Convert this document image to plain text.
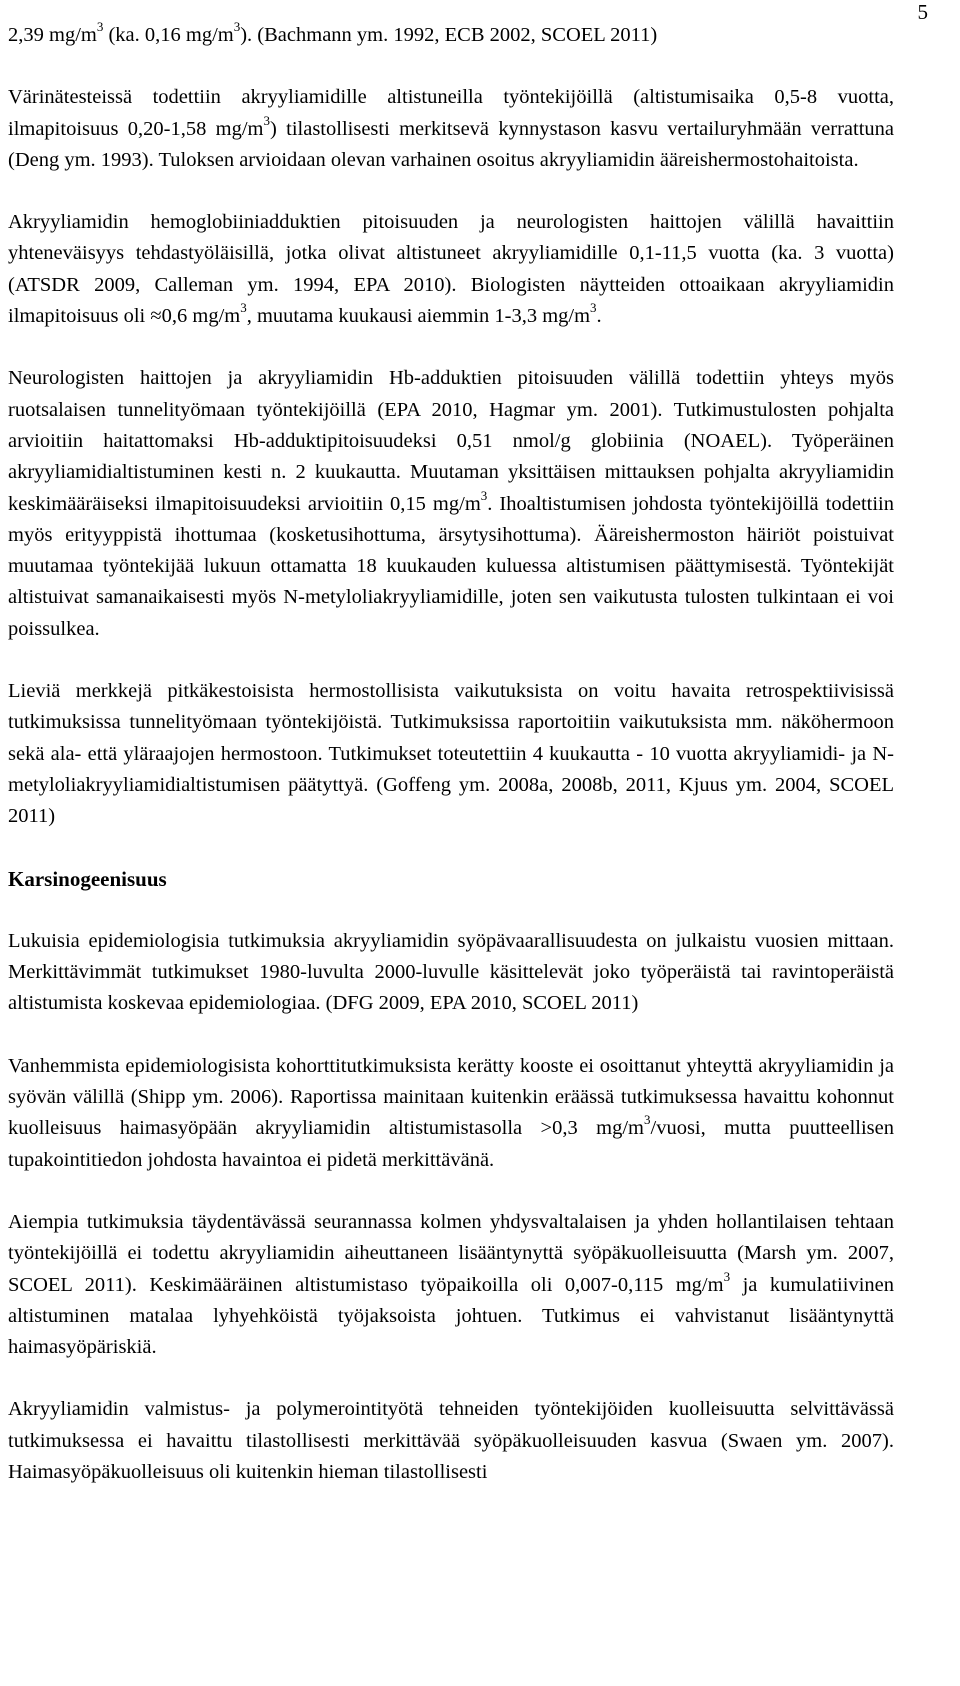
5

2,39 $mg/m^3$ (ka. 0,16 $mg/m^3$). (Bachmann ym. 1992, ECB 2002, SCOEL 2011)

Värinätesteissä todettiin akryyliamidille altistuneilla työntekijöillä (altistumisaika 0,5-8 vuotta, ilmapitoisuus 0,20-1,58 $mg/m^3$) tilastollisesti merkitsevä kynnystason kasvu vertailuryhmään verrattuna (Deng ym. 1993). Tuloksen arvioidaan olevan varhainen osoitus akryyliamidin ääreishermostohaitoista.

Akryyliamidin hemoglobiiniadduktien pitoisuuden ja neurologisten haittojen välillä havaittiin yhteneväisyys tehdastyöläisillä, jotka olivat altistuneet akryyliamidille 0,1-11,5 vuotta (ka. 3 vuotta) (ATSDR 2009, Calleman ym. 1994, EPA 2010). Biologisten näytteiden ottoaikaan akryyliamidin ilmapitoisuus oli ≈0,6 $mg/m^3$, muutama kuukausi aiemmin 1-3,3 $mg/m^3$.

Neurologisten haittojen ja akryyliamidin Hb-adduktien pitoisuuden välillä todettiin yhteys myös ruotsalaisen tunnelityömaan työntekijöillä (EPA 2010, Hagmar ym. 2001). Tutkimustulosten pohjalta arvioitiin haitattomaksi Hb-adduktipitoisuudeksi 0,51 nmol/g globiinia (NOAEL). Työperäinen akryyliamidialtistuminen kesti n. 2 kuukautta. Muutaman yksittäisen mittauksen pohjalta akryyliamidin keskimääräiseksi ilmapitoisuudeksi arvioitiin 0,15 $mg/m^3$. Ihoaltistumisen johdosta työntekijöillä todettiin myös erityyppistä ihottumaa (kosketusihottuma, ärsytysihottuma). Ääreishermoston häiriöt poistuivat muutamaa työntekijää lukuun ottamatta 18 kuukauden kuluessa altistumisen päättymisestä. Työntekijät altistuivat samanaikaisesti myös N-metyloliakryyliamidille, joten sen vaikutusta tulosten tulkintaan ei voi poissulkea.

Lieviä merkkejä pitkäkestoisista hermostollisista vaikutuksista on voitu havaita retrospektiivisissä tutkimuksissa tunnelityömaan työntekijöistä. Tutkimuksissa raportoitiin vaikutuksista mm. näköhermoon sekä ala- että yläraajojen hermostoon. Tutkimukset toteutettiin 4 kuukautta - 10 vuotta akryyliamidi- ja N-metyloliakryyliamidialtistumisen päätyttyä. (Goffeng ym. 2008a, 2008b, 2011, Kjuus ym. 2004, SCOEL 2011)

Karsinogeenisuus

Lukuisia epidemiologisia tutkimuksia akryyliamidin syöpävaarallisuudesta on julkaistu vuosien mittaan. Merkittävimmät tutkimukset 1980-luvulta 2000-luvulle käsittelevät joko työperäistä tai ravintoperäistä altistumista koskevaa epidemiologiaa. (DFG 2009, EPA 2010, SCOEL 2011)

Vanhemmista epidemiologisista kohorttitutkimuksista kerätty kooste ei osoittanut yhteyttä akryyliamidin ja syövän välillä (Shipp ym. 2006). Raportissa mainitaan kuitenkin eräässä tutkimuksessa havaittu kohonnut kuolleisuus haimasyöpään akryyliamidin altistumistasolla >0,3 $mg/m^3$/vuosi, mutta puutteellisen tupakointitiedon johdosta havaintoa ei pidetä merkittävänä.

Aiempia tutkimuksia täydentävässä seurannassa kolmen yhdysvaltalaisen ja yhden hollantilaisen tehtaan työntekijöillä ei todettu akryyliamidin aiheuttaneen lisääntynyttä syöpäkuolleisuutta (Marsh ym. 2007, SCOEL 2011). Keskimääräinen altistumistaso työpaikoilla oli 0,007-0,115 $mg/m^3$ ja kumulatiivinen altistuminen matalaa lyhyehköistä työjaksoista johtuen. Tutkimus ei vahvistanut lisääntynyttä haimasyöpäriskiä.

Akryyliamidin valmistus- ja polymerointityötä tehneiden työntekijöiden kuolleisuutta selvittävässä tutkimuksessa ei havaittu tilastollisesti merkittävää syöpäkuolleisuuden kasvua (Swaen ym. 2007). Haimasyöpäkuolleisuus oli kuitenkin hieman tilastollisesti
